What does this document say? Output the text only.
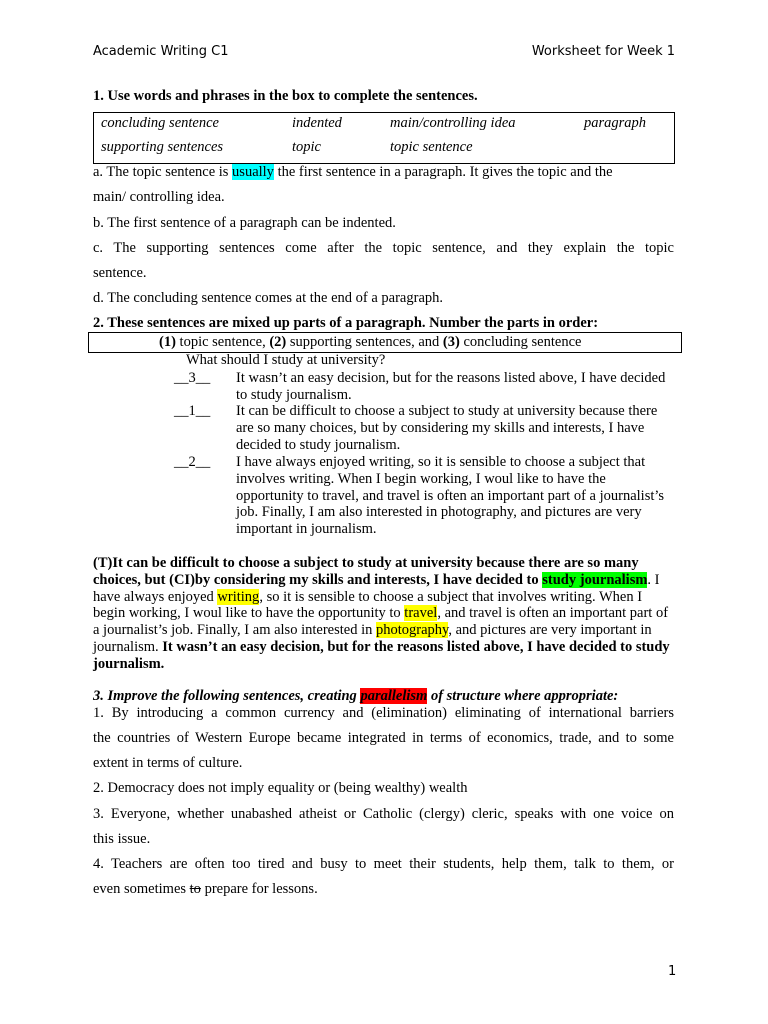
Academic Writing C1	Worksheet for Week 1
1. Use words and phrases in the box to complete the sentences.
concluding sentence	indented	main/controlling idea	paragraph
supporting sentences	topic	topic sentence
a. The topic sentence is usually the first sentence in a paragraph. It gives the topic and the
main/ controlling idea.
b. The first sentence of a paragraph can be indented.
c. The supporting sentences come after the topic sentence, and they explain the topic
sentence.
d. The concluding sentence comes at the end of a paragraph.
2. These sentences are mixed up parts of a paragraph. Number the parts in order:
(1) topic sentence, (2) supporting sentences, and (3) concluding sentence
What should I study at university?
__3__ It wasn’t an easy decision, but for the reasons listed above, I have decided to study journalism.
__1__ It can be difficult to choose a subject to study at university because there are so many choices, but by considering my skills and interests, I have decided to study journalism.
__2__ I have always enjoyed writing, so it is sensible to choose a subject that involves writing. When I begin working, I woul like to have the opportunity to travel, and travel is often an important part of a journalist’s job. Finally, I am also interested in photography, and pictures are very important in journalism.
(T)It can be difficult to choose a subject to study at university because there are so many choices, but (CI)by considering my skills and interests, I have decided to study journalism. I have always enjoyed writing, so it is sensible to choose a subject that involves writing. When I begin working, I woul like to have the opportunity to travel, and travel is often an important part of a journalist’s job. Finally, I am also interested in photography, and pictures are very important in journalism. It wasn’t an easy decision, but for the reasons listed above, I have decided to study journalism.
3. Improve the following sentences, creating parallelism of structure where appropriate:
1. By introducing a common currency and (elimination) eliminating of international barriers
the countries of Western Europe became integrated in terms of economics, trade, and to some
extent in terms of culture.
2. Democracy does not imply equality or (being wealthy) wealth
3. Everyone, whether unabashed atheist or Catholic (clergy) cleric, speaks with one voice on
this issue.
4. Teachers are often too tired and busy to meet their students, help them, talk to them, or
even sometimes to prepare for lessons.
1
